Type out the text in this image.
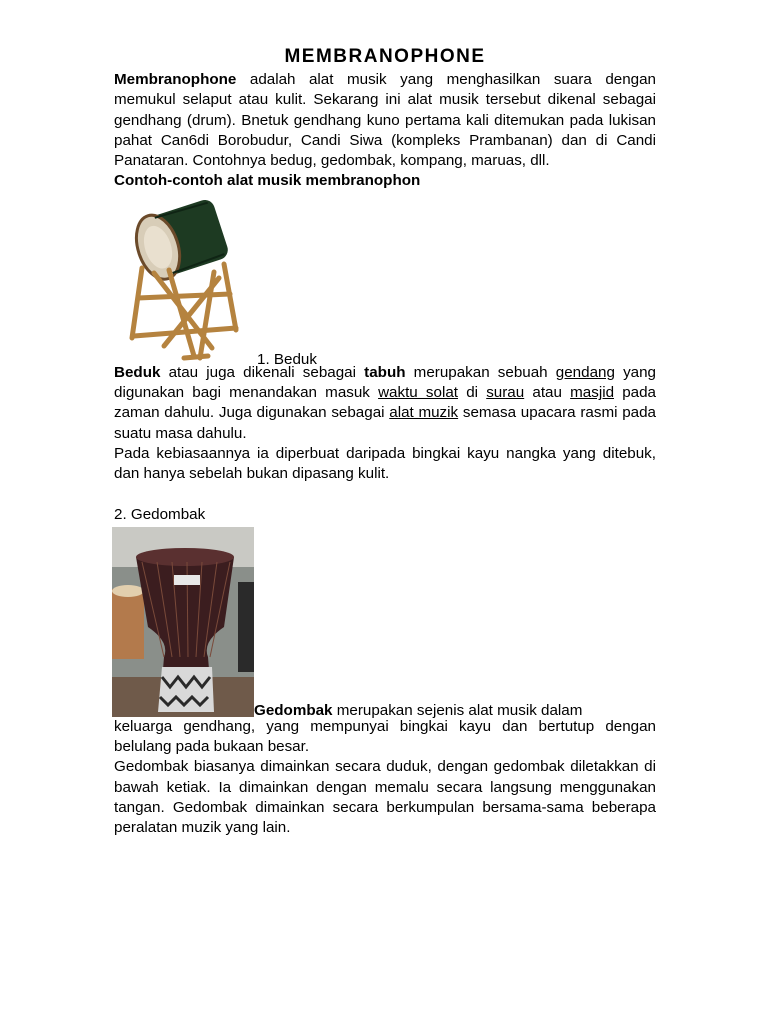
MEMBRANOPHONE

Membranophone adalah alat musik yang menghasilkan suara dengan memukul selaput atau kulit. Sekarang ini alat musik tersebut dikenal sebagai gendhang (drum). Bnetuk gendhang kuno pertama kali ditemukan pada lukisan pahat Can6di Borobudur, Candi Siwa (kompleks Prambanan) dan di Candi Panataran. Contohnya bedug, gedombak, kompang, maruas, dll.

Contoh-contoh alat musik membranophon
1. Beduk

Beduk atau juga dikenali sebagai tabuh merupakan sebuah gendang yang digunakan bagi menandakan masuk waktu solat di surau atau masjid pada zaman dahulu. Juga digunakan sebagai alat muzik semasa upacara rasmi pada suatu masa dahulu.

Pada kebiasaannya ia diperbuat daripada bingkai kayu nangka yang ditebuk, dan hanya sebelah bukan dipasang kulit.

2. Gedombak
Gedombak merupakan sejenis alat musik dalam

keluarga gendhang, yang mempunyai bingkai kayu dan bertutup dengan belulang pada bukaan besar.

Gedombak biasanya dimainkan secara duduk, dengan gedombak diletakkan di bawah ketiak. Ia dimainkan dengan memalu secara langsung menggunakan tangan. Gedombak dimainkan secara berkumpulan bersama-sama beberapa peralatan muzik yang lain.
